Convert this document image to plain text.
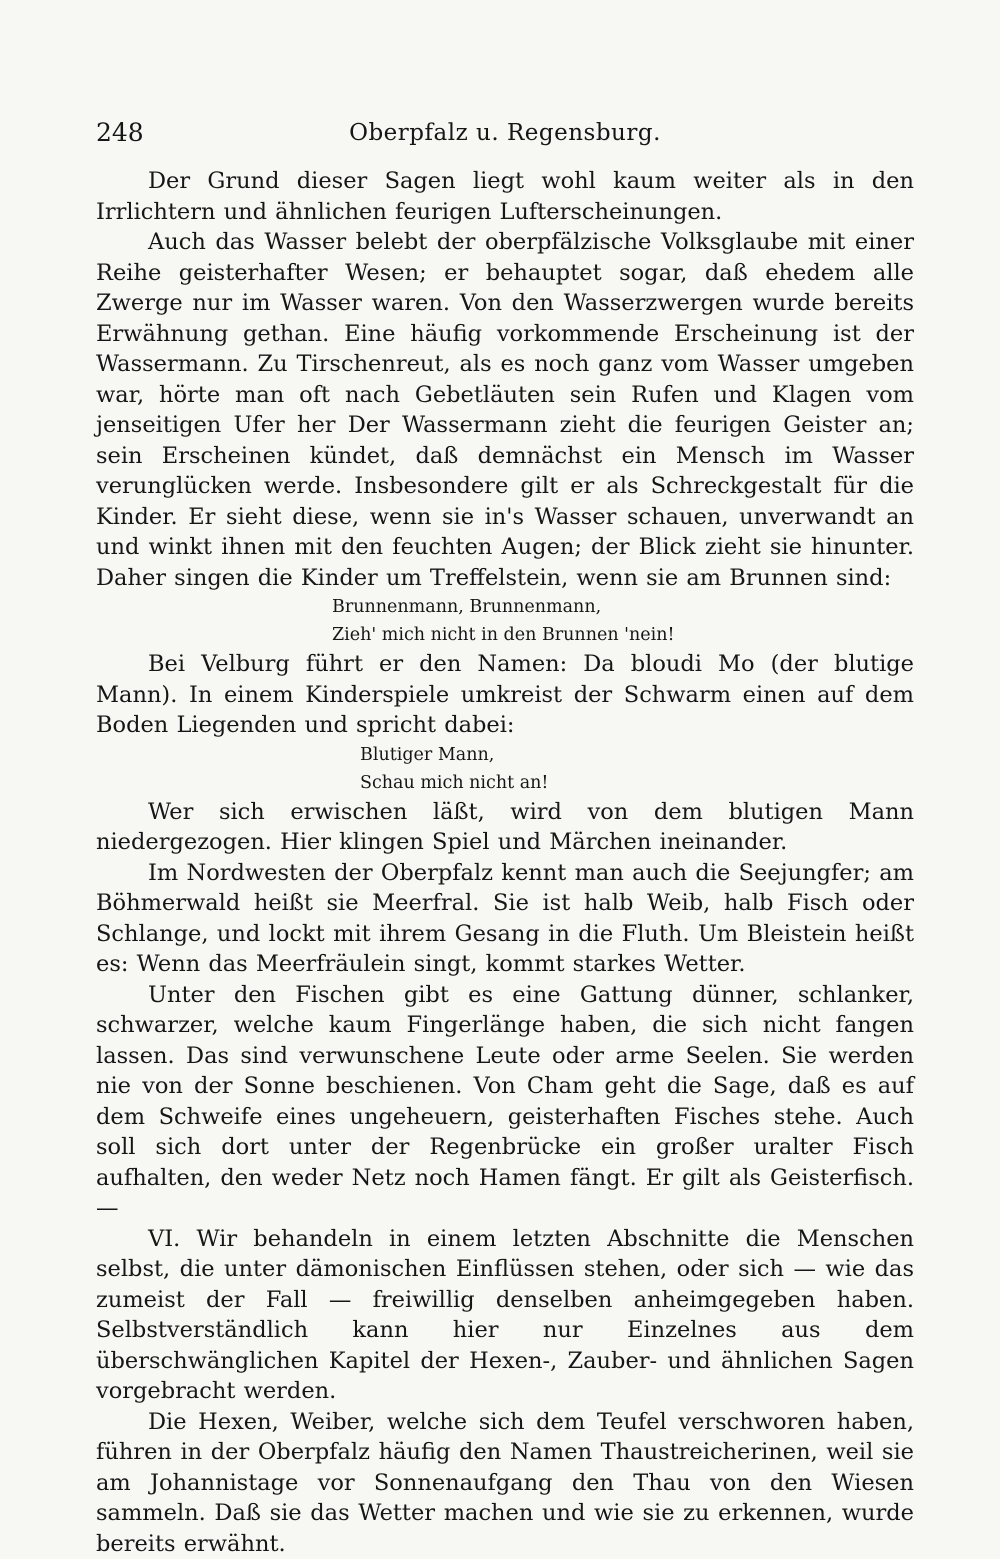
248	Oberpfalz u. Regensburg.

Der Grund dieser Sagen liegt wohl kaum weiter als in den Irrlichtern und ähnlichen feurigen Lufterscheinungen.

Auch das Wasser belebt der oberpfälzische Volksglaube mit einer Reihe geisterhafter Wesen; er behauptet sogar, daß ehedem alle Zwerge nur im Wasser waren. Von den Wasserzwergen wurde bereits Erwähnung gethan. Eine häufig vorkommende Erscheinung ist der Wassermann. Zu Tirschenreut, als es noch ganz vom Wasser umgeben war, hörte man oft nach Gebetläuten sein Rufen und Klagen vom jenseitigen Ufer her Der Wassermann zieht die feurigen Geister an; sein Erscheinen kündet, daß demnächst ein Mensch im Wasser verunglücken werde. Insbesondere gilt er als Schreckgestalt für die Kinder. Er sieht diese, wenn sie in's Wasser schauen, unverwandt an und winkt ihnen mit den feuchten Augen; der Blick zieht sie hinunter. Daher singen die Kinder um Treffelstein, wenn sie am Brunnen sind:

Brunnenmann, Brunnenmann,

Zieh' mich nicht in den Brunnen 'nein!

Bei Velburg führt er den Namen: Da bloudi Mo (der blutige Mann). In einem Kinderspiele umkreist der Schwarm einen auf dem Boden Liegenden und spricht dabei:

Blutiger Mann,

Schau mich nicht an!

Wer sich erwischen läßt, wird von dem blutigen Mann niedergezogen. Hier klingen Spiel und Märchen ineinander.

Im Nordwesten der Oberpfalz kennt man auch die Seejungfer; am Böhmerwald heißt sie Meerfral. Sie ist halb Weib, halb Fisch oder Schlange, und lockt mit ihrem Gesang in die Fluth. Um Bleistein heißt es: Wenn das Meerfräulein singt, kommt starkes Wetter.

Unter den Fischen gibt es eine Gattung dünner, schlanker, schwarzer, welche kaum Fingerlänge haben, die sich nicht fangen lassen. Das sind verwunschene Leute oder arme Seelen. Sie werden nie von der Sonne beschienen. Von Cham geht die Sage, daß es auf dem Schweife eines ungeheuern, geisterhaften Fisches stehe. Auch soll sich dort unter der Regenbrücke ein großer uralter Fisch aufhalten, den weder Netz noch Hamen fängt. Er gilt als Geisterfisch. —

VI. Wir behandeln in einem letzten Abschnitte die Menschen selbst, die unter dämonischen Einflüssen stehen, oder sich — wie das zumeist der Fall — freiwillig denselben anheimgegeben haben. Selbstverständlich kann hier nur Einzelnes aus dem überschwänglichen Kapitel der Hexen-, Zauber- und ähnlichen Sagen vorgebracht werden.

Die Hexen, Weiber, welche sich dem Teufel verschworen haben, führen in der Oberpfalz häufig den Namen Thaustreicherinen, weil sie am Johannistage vor Sonnenaufgang den Thau von den Wiesen sammeln. Daß sie das Wetter machen und wie sie zu erkennen, wurde bereits erwähnt.
